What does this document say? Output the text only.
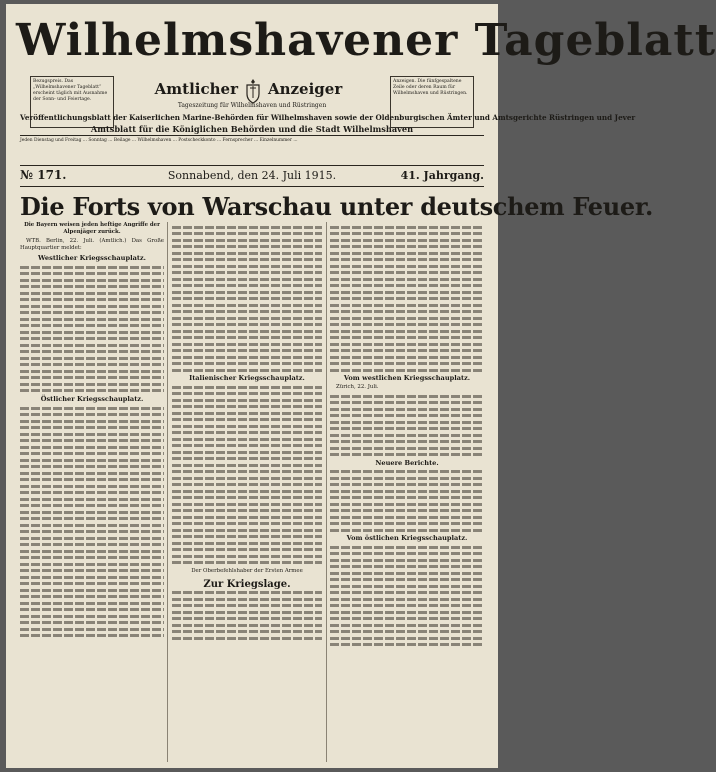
Wilhelmshavener Tageblatt
Bezugspreis. Das „Wilhelmshavener Tageblatt“ erscheint täglich mit Ausnahme der Sonn- und Feiertage.
Anzeigen. Die fünfgespaltene Zeile oder deren Raum für Wilhelmshaven und Rüstringen.
Amtlicher Anzeiger
Tageszeitung für Wilhelmshaven und Rüstringen
Veröffentlichungsblatt der Kaiserlichen Marine-Behörden für Wilhelmshaven sowie der Oldenburgischen Ämter und Amtsgerichte Rüstringen und Jever
Amtsblatt für die Königlichen Behörden und die Stadt Wilhelmshaven
Jeden Dienstag und Freitag ... Sonntag ... Beilage ... Wilhelmshaven ... Postscheckkonto ... Fernsprecher ... Einzelnummer ...
№ 171.	Sonnabend, den 24. Juli 1915.	41. Jahrgang.
Die Forts von Warschau unter deutschem Feuer.

Die Bayern weisen jeden heftige Angriffe der Alpenjäger zurück.

WTB. Berlin, 22. Juli. (Amtlich.) Das Große Hauptquartier meldet:

Westlicher Kriegsschauplatz.
Östlicher Kriegsschauplatz.
Italienischer Kriegsschauplatz.

Der Oberbefehlshaber der Ersten Armee

Zur Kriegslage.
Vom westlichen Kriegsschauplatz.

Zürich, 22. Juli.

Neuere Berichte.
Vom östlichen Kriegsschauplatz.
